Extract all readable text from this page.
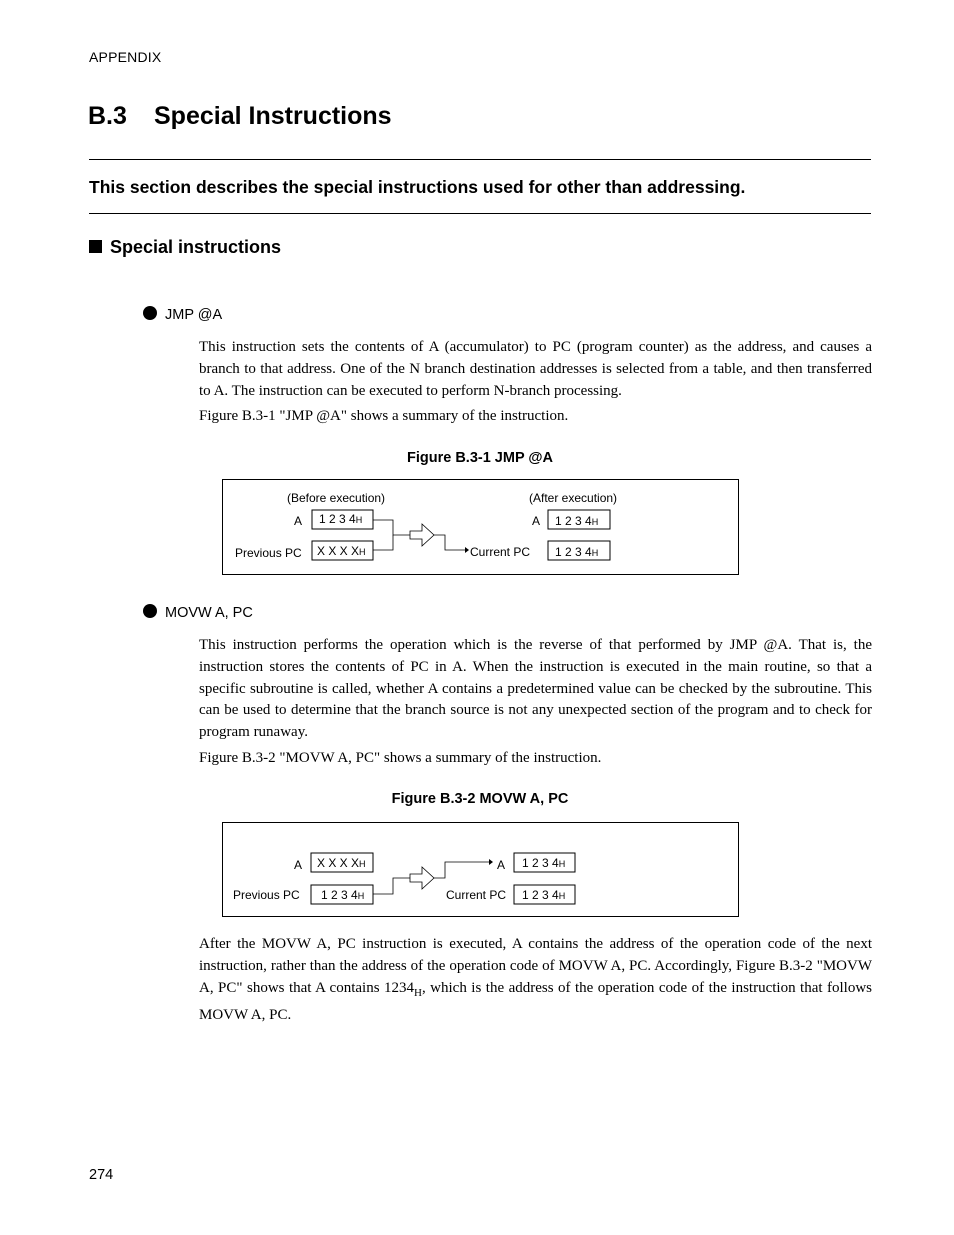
APPENDIX
B.3 Special Instructions
This section describes the special instructions used for other than addressing.
Special instructions
JMP @A
This instruction sets the contents of A (accumulator) to PC (program counter) as the address, and causes a branch to that address. One of the N branch destination addresses is selected from a table, and then transferred to A. The instruction can be executed to perform N-branch processing.
Figure B.3-1 "JMP @A" shows a summary of the instruction.
Figure B.3-1 JMP @A
(Before execution)	(After execution)
A 1 2 3 4H
Previous PC X X X XH
A 1 2 3 4H
Current PC 1 2 3 4H
MOVW A, PC
This instruction performs the operation which is the reverse of that performed by JMP @A. That is, the instruction stores the contents of PC in A. When the instruction is executed in the main routine, so that a specific subroutine is called, whether A contains a predetermined value can be checked by the subroutine. This can be used to determine that the branch source is not any unexpected section of the program and to check for program runaway.
Figure B.3-2 "MOVW A, PC" shows a summary of the instruction.
Figure B.3-2 MOVW A, PC
A X X X XH
Previous PC 1 2 3 4H
A 1 2 3 4H
Current PC 1 2 3 4H
After the MOVW A, PC instruction is executed, A contains the address of the operation code of the next instruction, rather than the address of the operation code of MOVW A, PC. Accordingly, Figure B.3-2 "MOVW A, PC" shows that A contains $1234_H$, which is the address of the operation code of the instruction that follows MOVW A, PC.
274
